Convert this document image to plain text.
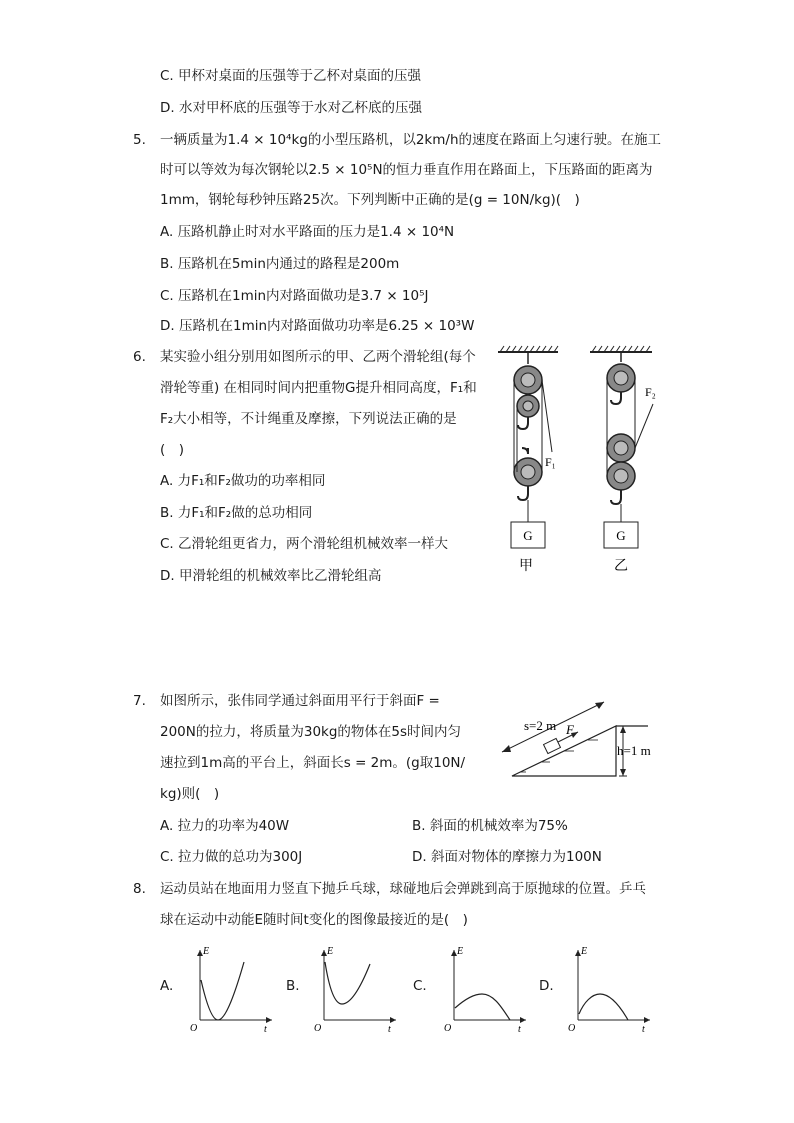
C. 甲杯对桌面的压强等于乙杯对桌面的压强
D. 水对甲杯底的压强等于水对乙杯底的压强
5. 一辆质量为1.4 × 10⁴kg的小型压路机，以2km/h的速度在路面上匀速行驶。在施工
时可以等效为每次钢轮以2.5 × 10⁵N的恒力垂直作用在路面上，下压路面的距离为
1mm，钢轮每秒钟压路25次。下列判断中正确的是(g = 10N/kg)(　)
A. 压路机静止时对水平路面的压力是1.4 × 10⁴N
B. 压路机在5min内通过的路程是200m
C. 压路机在1min内对路面做功是3.7 × 10⁵J
D. 压路机在1min内对路面做功功率是6.25 × 10³W
6. 某实验小组分别用如图所示的甲、乙两个滑轮组(每个
滑轮等重) 在相同时间内把重物G提升相同高度，F₁和
F₂大小相等，不计绳重及摩擦，下列说法正确的是
(　)
A. 力F₁和F₂做功的功率相同
B. 力F₁和F₂做的总功相同
C. 乙滑轮组更省力，两个滑轮组机械效率一样大
D. 甲滑轮组的机械效率比乙滑轮组高
G
F₁
甲
G
F₂
乙
7. 如图所示，张伟同学通过斜面用平行于斜面F =
200N的拉力，将质量为30kg的物体在5s时间内匀
速拉到1m高的平台上，斜面长s = 2m。(g取10N/
kg)则(　)
A. 拉力的功率为40W	B. 斜面的机械效率为75%
C. 拉力做的总功为300J	D. 斜面对物体的摩擦力为100N
s=2 m F
h=1 m
8. 运动员站在地面用力竖直下抛乒乓球，球碰地后会弹跳到高于原抛球的位置。乒乓
球在运动中动能E随时间t变化的图像最接近的是(　)
A.
E
t
O
B.
E
t
O
C.
E
t
O
D.
E
t
O
